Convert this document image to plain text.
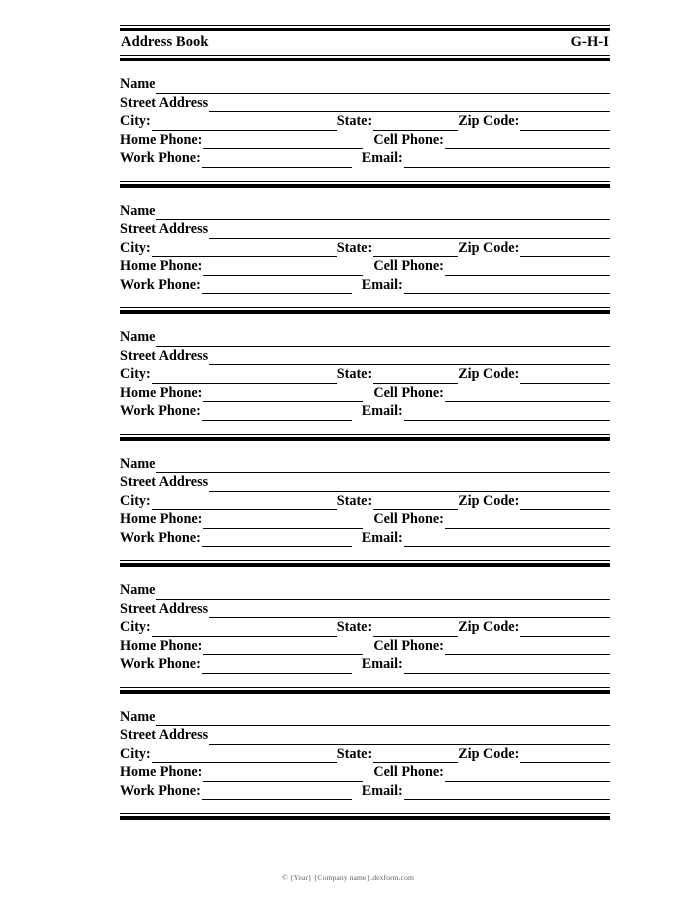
Address Book	G-H-I
Name
Street Address
City:	State:	Zip Code:
Home Phone:	Cell Phone:
Work Phone:	Email:
Name
Street Address
City:	State:	Zip Code:
Home Phone:	Cell Phone:
Work Phone:	Email:
Name
Street Address
City:	State:	Zip Code:
Home Phone:	Cell Phone:
Work Phone:	Email:
Name
Street Address
City:	State:	Zip Code:
Home Phone:	Cell Phone:
Work Phone:	Email:
Name
Street Address
City:	State:	Zip Code:
Home Phone:	Cell Phone:
Work Phone:	Email:
Name
Street Address
City:	State:	Zip Code:
Home Phone:	Cell Phone:
Work Phone:	Email:
© {Year} {Company name}.dexform.com
